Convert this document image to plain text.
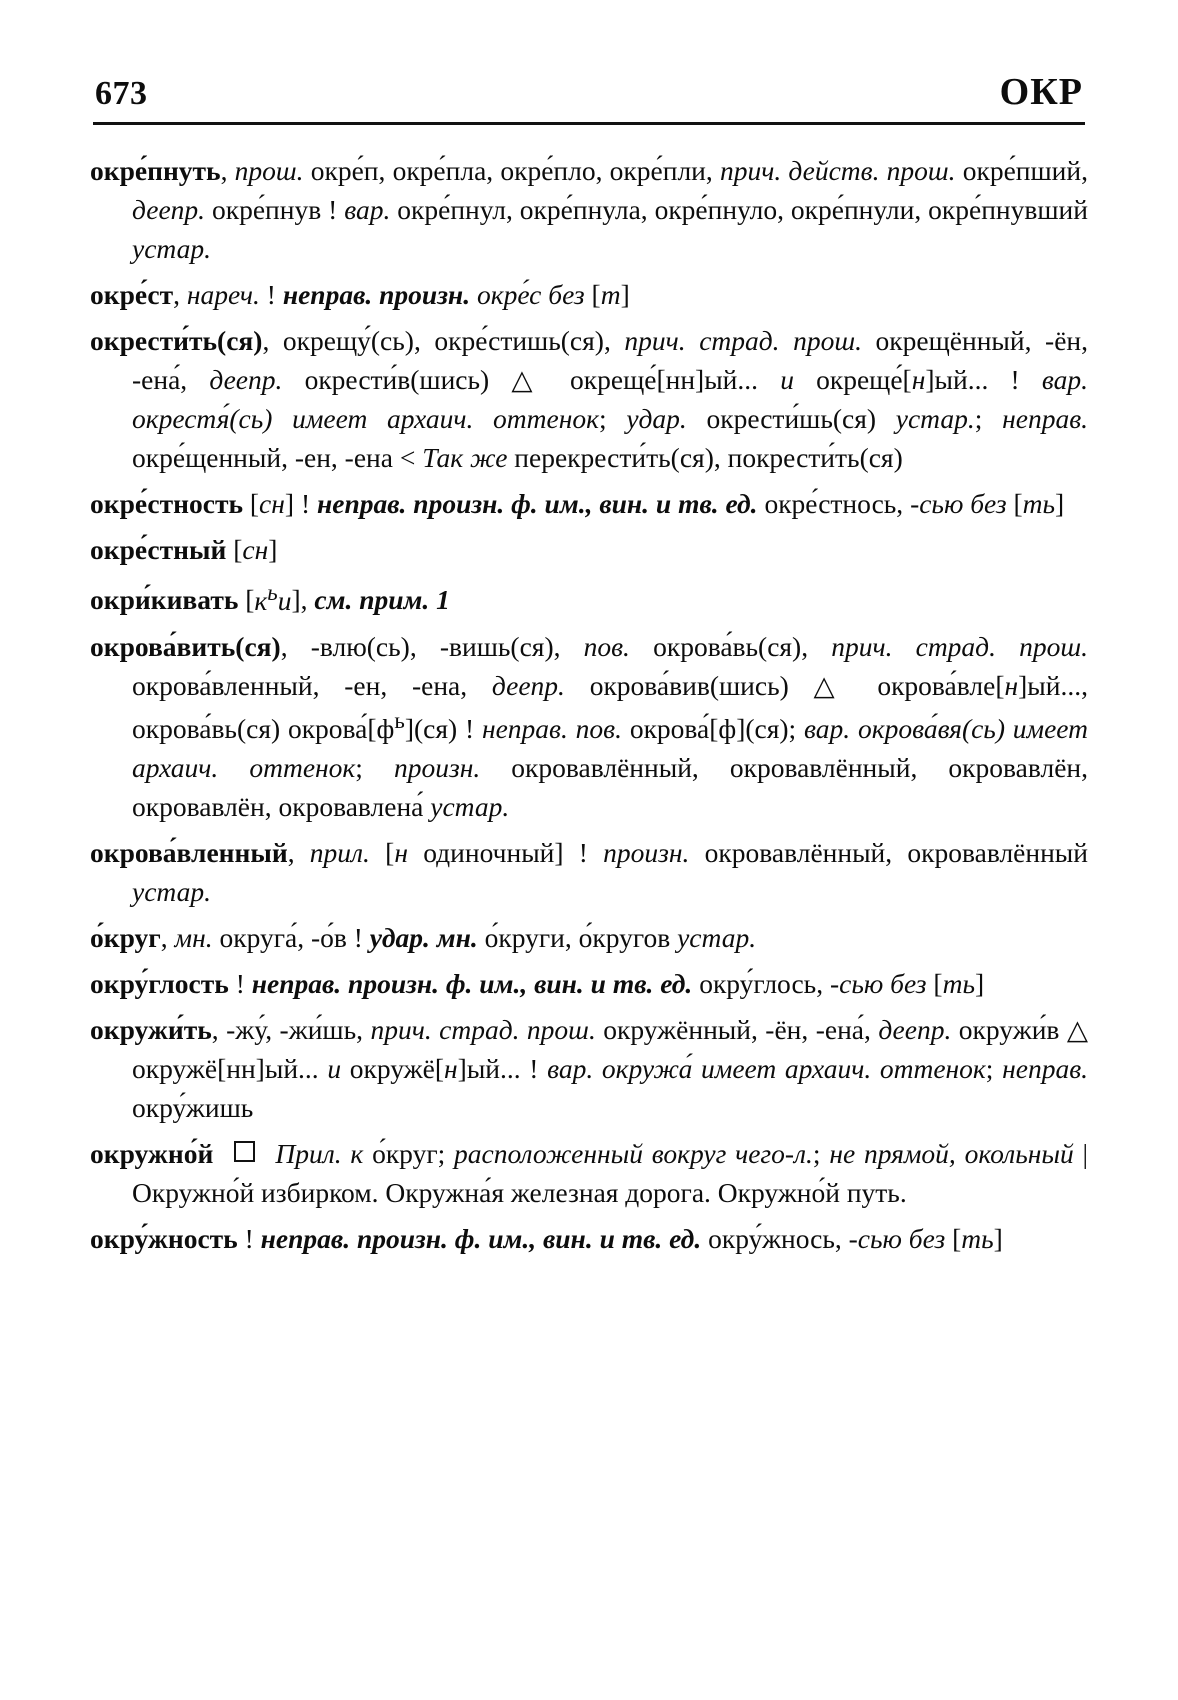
673	ОКР

окре́пнуть, прош. окре́п, окре́пла, окре́пло, окре́пли, прич. действ. прош. окре́пший, деепр. окре́пнув ! вар. окре́пнул, окре́пнула, окре́пнуло, окре́пнули, окре́пнувший устар.

окре́ст, нареч. ! неправ. произн. окре́с без [т]

окрести́ть(ся), окрещу́(сь), окре́стишь(ся), прич. страд. прош. окрещённый, -ён, -ена́, деепр. окрести́в(шись) △ окреще́[нн]ый... и окреще́[н]ый... ! вар. окрестя́(сь) имеет архаич. оттенок; удар. окрести́шь(ся) устар.; неправ. окре́щенный, -ен, -ена < Так же перекрести́ть(ся), покрести́ть(ся)

окре́стность [сн] ! неправ. произн. ф. им., вин. и тв. ед. окре́стнось, -сью без [ть]

окре́стный [сн]

окри́кивать $[к^ьи]$, см. прим. 1

окрова́вить(ся), -влю(сь), -вишь(ся), пов. окрова́вь(ся), прич. страд. прош. окрова́вленный, -ен, -ена, деепр. окрова́вив(шись) △ окрова́вле[н]ый..., окрова́вь(ся) $окрова́[ф^ь](ся)$ ! неправ. пов. окрова́[ф](ся); вар. окрова́вя(сь) имеет архаич. оттенок; произн. окровавлённый, окровавлённый, окровавлён, окровавлён, окровавлена́ устар.

окрова́вленный, прил. [н одиночный] ! произн. окровавлённый, окровавлённый устар.

о́круг, мн. округа́, -о́в ! удар. мн. о́круги, о́кругов устар.

окру́глость ! неправ. произн. ф. им., вин. и тв. ед. окру́глось, -сью без [ть]

окружи́ть, -жу́, -жи́шь, прич. страд. прош. окружённый, -ён, -ена́, деепр. окружи́в △ окружё[нн]ый... и окружё[н]ый... ! вар. окружа́ имеет архаич. оттенок; неправ. окру́жишь

окружно́й Прил. к о́круг; расположенный вокруг чего-л.; не прямой, окольный | Окружно́й избирком. Окружна́я железная дорога. Окружно́й путь.

окру́жность ! неправ. произн. ф. им., вин. и тв. ед. окру́жнось, -сью без [ть]
